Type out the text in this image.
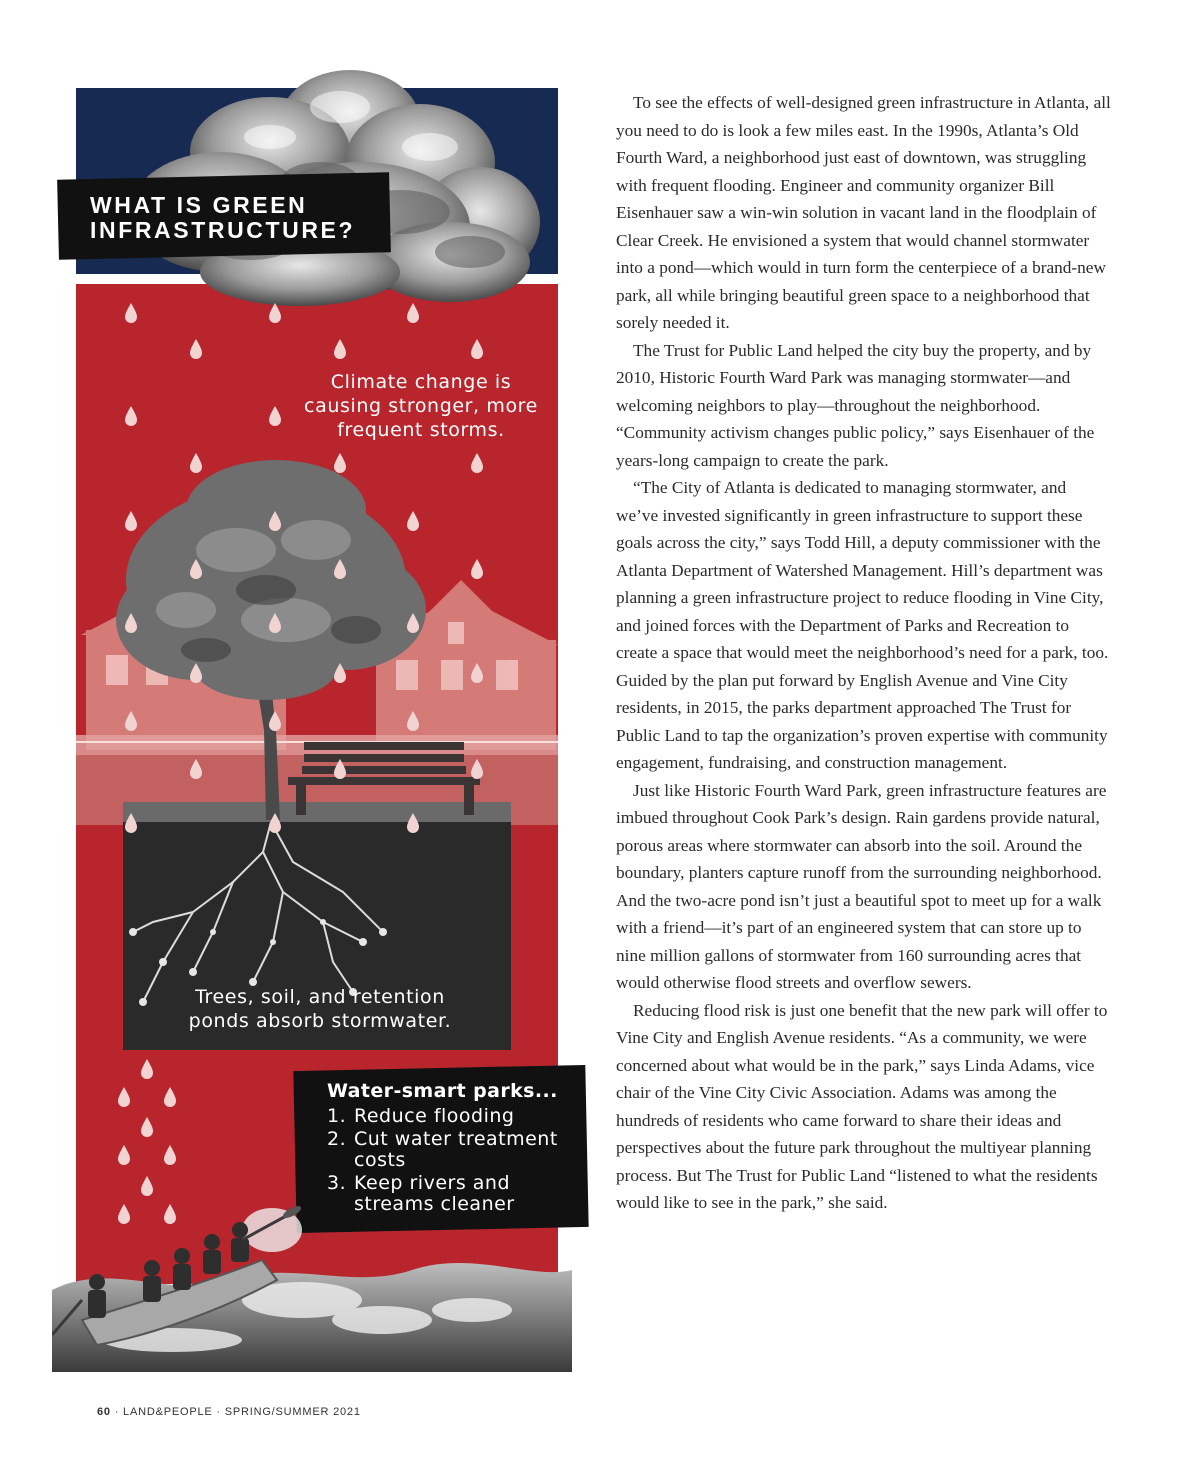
WHAT IS GREEN
INFRASTRUCTURE?
Climate change is causing stronger, more frequent storms.
Trees, soil, and retention ponds absorb stormwater.
Water-smart parks...
1. Reduce flooding
2. Cut water treatment costs
3. Keep rivers and streams cleaner
60 · LAND&PEOPLE · SPRING/SUMMER 2021

To see the effects of well-designed green infrastructure in Atlanta, all you need to do is look a few miles east. In the 1990s, Atlanta’s Old Fourth Ward, a neighborhood just east of downtown, was struggling with frequent flooding. Engineer and community organizer Bill Eisenhauer saw a win-win solution in vacant land in the floodplain of Clear Creek. He envisioned a system that would channel stormwater into a pond—which would in turn form the centerpiece of a brand-new park, all while bringing beautiful green space to a neighborhood that sorely needed it.

The Trust for Public Land helped the city buy the property, and by 2010, Historic Fourth Ward Park was managing stormwater—and welcoming neighbors to play—throughout the neighborhood. “Community activism changes public policy,” says Eisenhauer of the years-long campaign to create the park.

“The City of Atlanta is dedicated to managing stormwater, and we’ve invested significantly in green infrastructure to support these goals across the city,” says Todd Hill, a deputy commissioner with the Atlanta Department of Watershed Management. Hill’s department was planning a green infrastructure project to reduce flooding in Vine City, and joined forces with the Department of Parks and Recreation to create a space that would meet the neighborhood’s need for a park, too. Guided by the plan put forward by English Avenue and Vine City residents, in 2015, the parks department approached The Trust for Public Land to tap the organization’s proven expertise with community engagement, fundraising, and construction management.

Just like Historic Fourth Ward Park, green infrastructure features are imbued throughout Cook Park’s design. Rain gardens provide natural, porous areas where stormwater can absorb into the soil. Around the boundary, planters capture runoff from the surrounding neighborhood. And the two-acre pond isn’t just a beautiful spot to meet up for a walk with a friend—it’s part of an engineered system that can store up to nine million gallons of stormwater from 160 surrounding acres that would otherwise flood streets and overflow sewers.

Reducing flood risk is just one benefit that the new park will offer to Vine City and English Avenue residents. “As a community, we were concerned about what would be in the park,” says Linda Adams, vice chair of the Vine City Civic Association. Adams was among the hundreds of residents who came forward to share their ideas and perspectives about the future park throughout the multiyear planning process. But The Trust for Public Land “listened to what the residents would like to see in the park,” she said.
